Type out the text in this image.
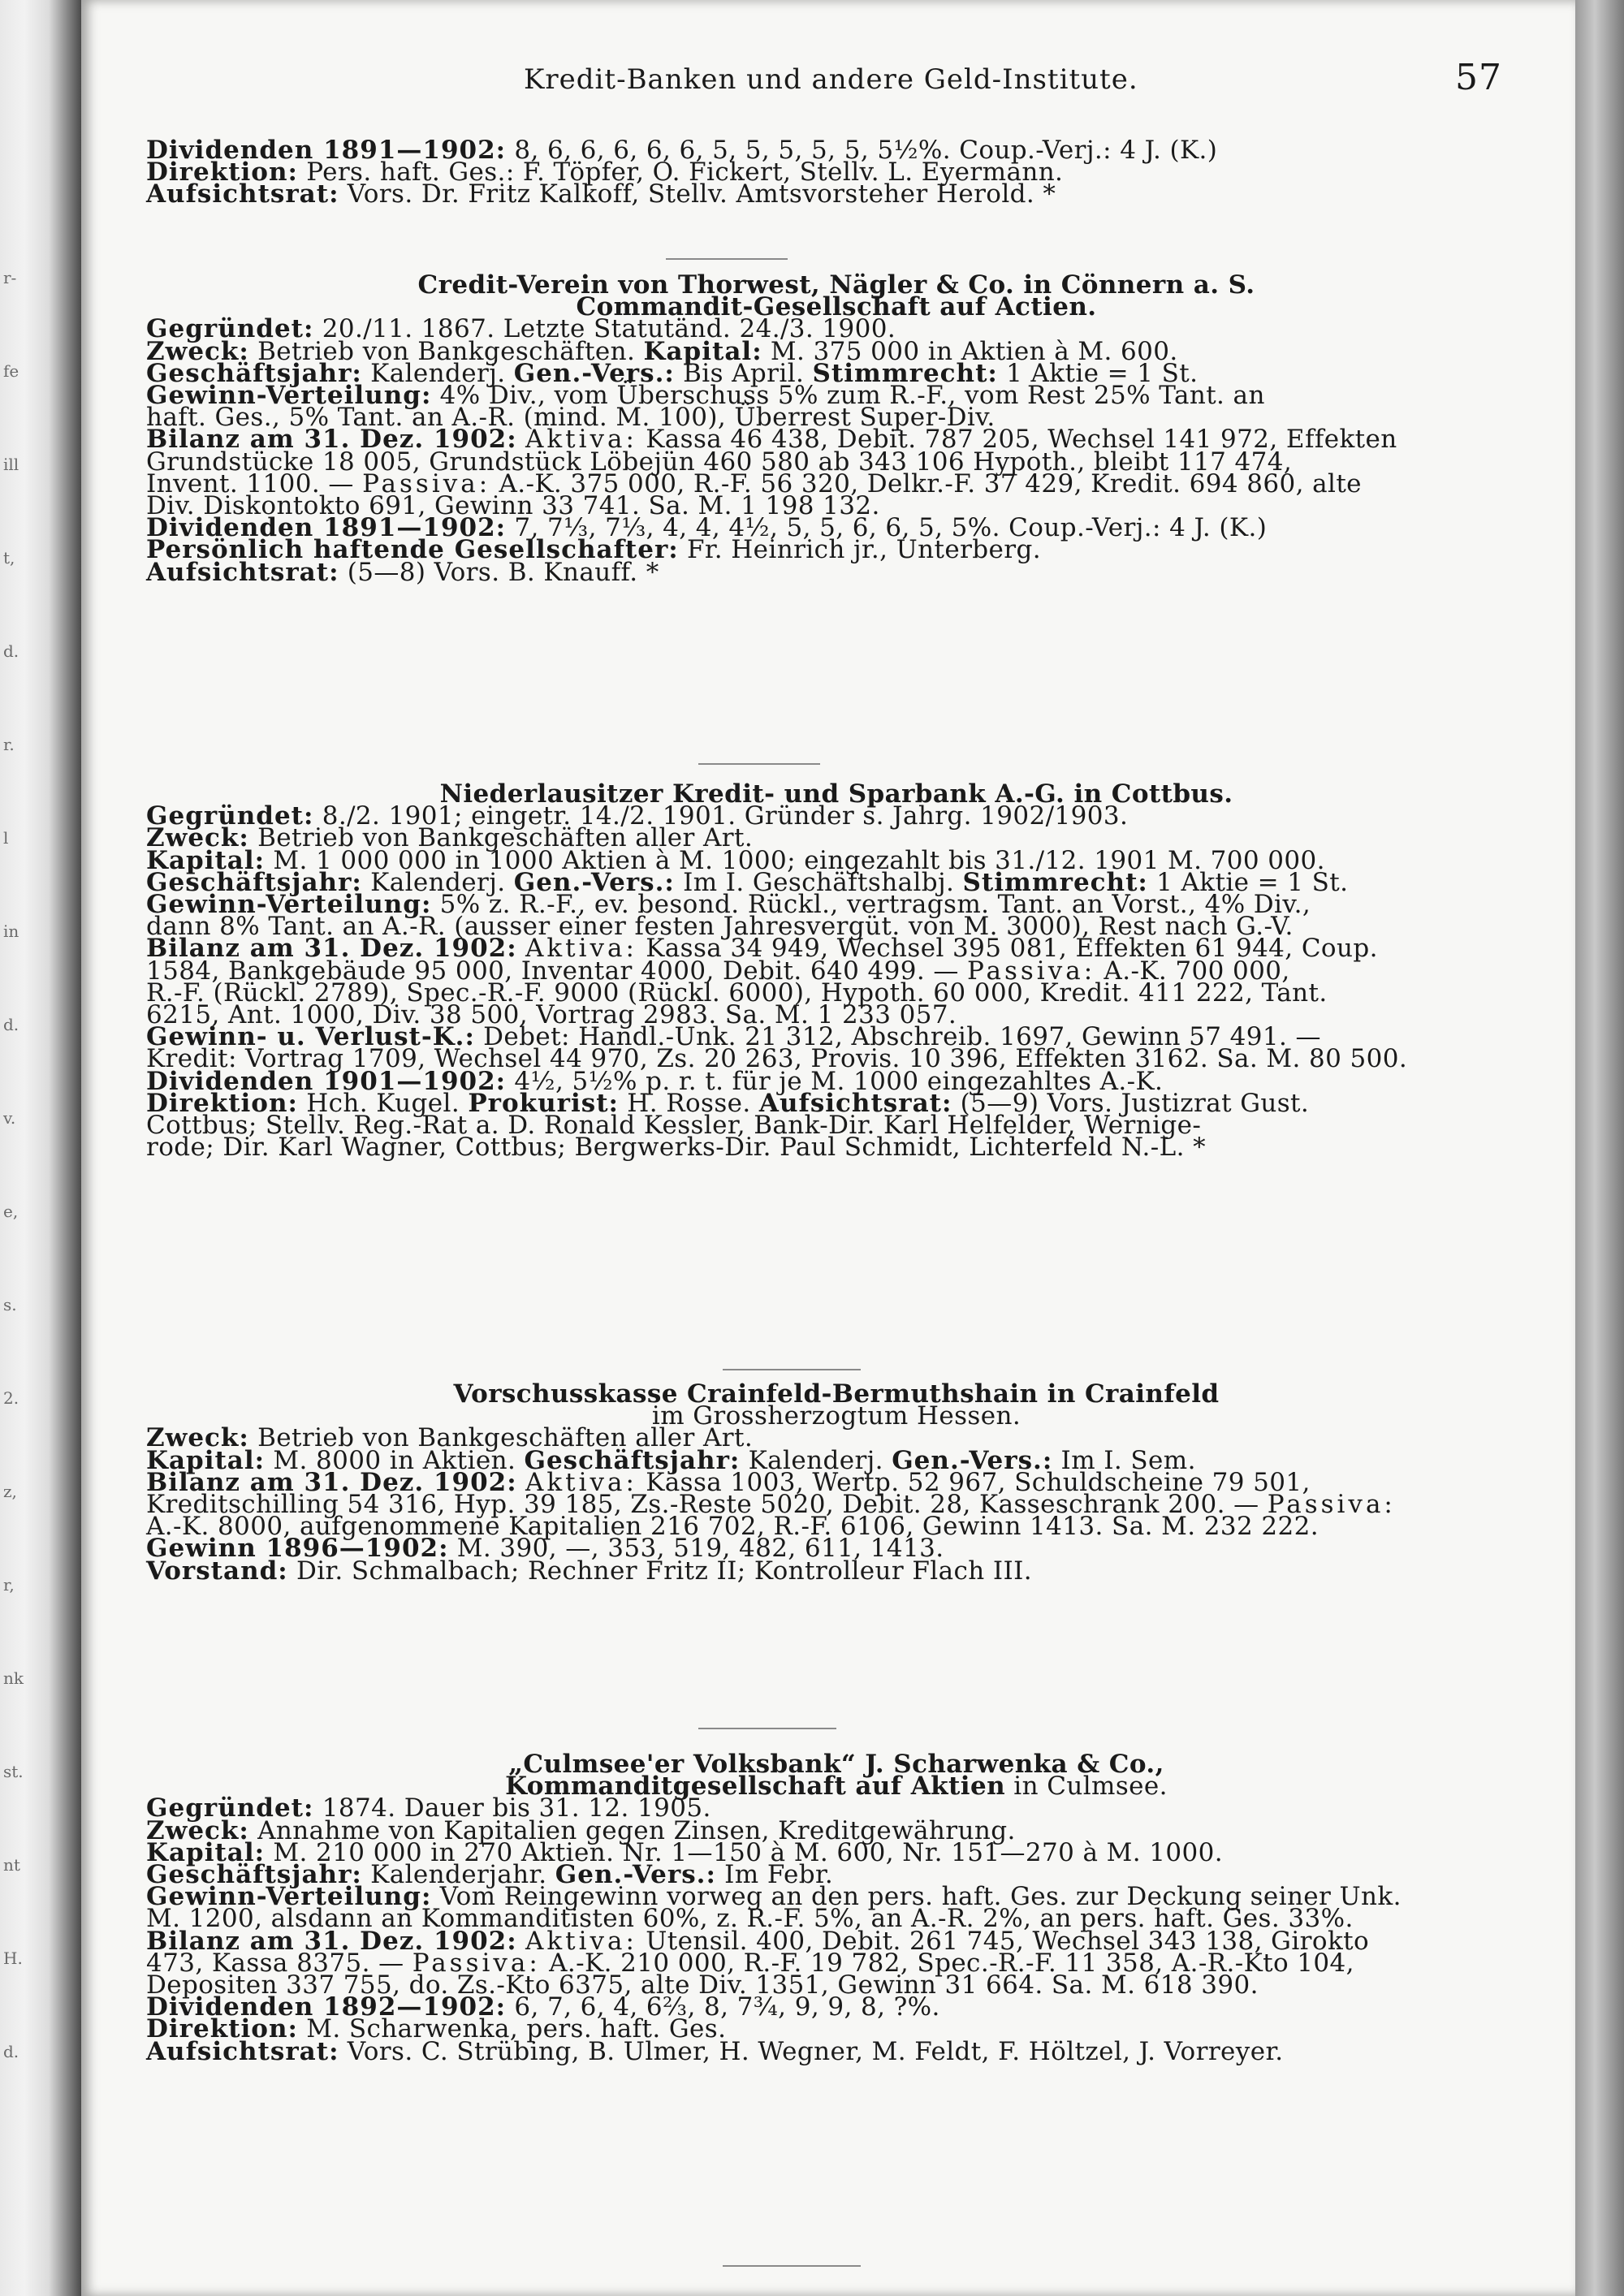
r-
fe
ill
t,
d.
r.
l
in
d.
v.
e,
s.
2.
z,
r,
nk
st.
nt
H.
d.
Kredit-Banken und andere Geld-Institute.	57

Dividenden 1891—1902: 8, 6, 6, 6, 6, 6, 5, 5, 5, 5, 5, 5½%. Coup.-Verj.: 4 J. (K.)

Direktion: Pers. haft. Ges.: F. Töpfer, O. Fickert, Stellv. L. Eyermann.

Aufsichtsrat: Vors. Dr. Fritz Kalkoff, Stellv. Amtsvorsteher Herold. *

Credit-Verein von Thorwest, Nägler & Co. in Cönnern a. S.

Commandit-Gesellschaft auf Actien.

Gegründet: 20./11. 1867. Letzte Statutänd. 24./3. 1900.

Zweck: Betrieb von Bankgeschäften. Kapital: M. 375 000 in Aktien à M. 600.

Geschäftsjahr: Kalenderj. Gen.-Vers.: Bis April. Stimmrecht: 1 Aktie = 1 St.

Gewinn-Verteilung: 4% Div., vom Überschuss 5% zum R.-F., vom Rest 25% Tant. an

haft. Ges., 5% Tant. an A.-R. (mind. M. 100), Überrest Super-Div.

Bilanz am 31. Dez. 1902: Aktiva: Kassa 46 438, Debit. 787 205, Wechsel 141 972, Effekten

Grundstücke 18 005, Grundstück Löbejün 460 580 ab 343 106 Hypoth., bleibt 117 474,

Invent. 1100. — Passiva: A.-K. 375 000, R.-F. 56 320, Delkr.-F. 37 429, Kredit. 694 860, alte

Div. Diskontokto 691, Gewinn 33 741. Sa. M. 1 198 132.

Dividenden 1891—1902: 7, 7⅓, 7⅓, 4, 4, 4½, 5, 5, 6, 6, 5, 5%. Coup.-Verj.: 4 J. (K.)

Persönlich haftende Gesellschafter: Fr. Heinrich jr., Unterberg.

Aufsichtsrat: (5—8) Vors. B. Knauff. *

Niederlausitzer Kredit- und Sparbank A.-G. in Cottbus.

Gegründet: 8./2. 1901; eingetr. 14./2. 1901. Gründer s. Jahrg. 1902/1903.

Zweck: Betrieb von Bankgeschäften aller Art.

Kapital: M. 1 000 000 in 1000 Aktien à M. 1000; eingezahlt bis 31./12. 1901 M. 700 000.

Geschäftsjahr: Kalenderj. Gen.-Vers.: Im I. Geschäftshalbj. Stimmrecht: 1 Aktie = 1 St.

Gewinn-Verteilung: 5% z. R.-F., ev. besond. Rückl., vertragsm. Tant. an Vorst., 4% Div.,

dann 8% Tant. an A.-R. (ausser einer festen Jahresvergüt. von M. 3000), Rest nach G.-V.

Bilanz am 31. Dez. 1902: Aktiva: Kassa 34 949, Wechsel 395 081, Effekten 61 944, Coup.

1584, Bankgebäude 95 000, Inventar 4000, Debit. 640 499. — Passiva: A.-K. 700 000,

R.-F. (Rückl. 2789), Spec.-R.-F. 9000 (Rückl. 6000), Hypoth. 60 000, Kredit. 411 222, Tant.

6215, Ant. 1000, Div. 38 500, Vortrag 2983. Sa. M. 1 233 057.

Gewinn- u. Verlust-K.: Debet: Handl.-Unk. 21 312, Abschreib. 1697, Gewinn 57 491. —

Kredit: Vortrag 1709, Wechsel 44 970, Zs. 20 263, Provis. 10 396, Effekten 3162. Sa. M. 80 500.

Dividenden 1901—1902: 4½, 5½% p. r. t. für je M. 1000 eingezahltes A.-K.

Direktion: Hch. Kugel. Prokurist: H. Rosse. Aufsichtsrat: (5—9) Vors. Justizrat Gust.

Cottbus; Stellv. Reg.-Rat a. D. Ronald Kessler, Bank-Dir. Karl Helfelder, Wernige-

rode; Dir. Karl Wagner, Cottbus; Bergwerks-Dir. Paul Schmidt, Lichterfeld N.-L. *

Vorschusskasse Crainfeld-Bermuthshain in Crainfeld

im Grossherzogtum Hessen.

Zweck: Betrieb von Bankgeschäften aller Art.

Kapital: M. 8000 in Aktien. Geschäftsjahr: Kalenderj. Gen.-Vers.: Im I. Sem.

Bilanz am 31. Dez. 1902: Aktiva: Kassa 1003, Wertp. 52 967, Schuldscheine 79 501,

Kreditschilling 54 316, Hyp. 39 185, Zs.-Reste 5020, Debit. 28, Kasseschrank 200. — Passiva:

A.-K. 8000, aufgenommene Kapitalien 216 702, R.-F. 6106, Gewinn 1413. Sa. M. 232 222.

Gewinn 1896—1902: M. 390, —, 353, 519, 482, 611, 1413.

Vorstand: Dir. Schmalbach; Rechner Fritz II; Kontrolleur Flach III.

„Culmsee'er Volksbank“ J. Scharwenka & Co.,

Kommanditgesellschaft auf Aktien in Culmsee.

Gegründet: 1874. Dauer bis 31. 12. 1905.

Zweck: Annahme von Kapitalien gegen Zinsen, Kreditgewährung.

Kapital: M. 210 000 in 270 Aktien. Nr. 1—150 à M. 600, Nr. 151—270 à M. 1000.

Geschäftsjahr: Kalenderjahr. Gen.-Vers.: Im Febr.

Gewinn-Verteilung: Vom Reingewinn vorweg an den pers. haft. Ges. zur Deckung seiner Unk.

M. 1200, alsdann an Kommanditisten 60%, z. R.-F. 5%, an A.-R. 2%, an pers. haft. Ges. 33%.

Bilanz am 31. Dez. 1902: Aktiva: Utensil. 400, Debit. 261 745, Wechsel 343 138, Girokto

473, Kassa 8375. — Passiva: A.-K. 210 000, R.-F. 19 782, Spec.-R.-F. 11 358, A.-R.-Kto 104,

Depositen 337 755, do. Zs.-Kto 6375, alte Div. 1351, Gewinn 31 664. Sa. M. 618 390.

Dividenden 1892—1902: 6, 7, 6, 4, 6⅔, 8, 7¾, 9, 9, 8, ?%.

Direktion: M. Scharwenka, pers. haft. Ges.

Aufsichtsrat: Vors. C. Strübing, B. Ulmer, H. Wegner, M. Feldt, F. Höltzel, J. Vorreyer.
